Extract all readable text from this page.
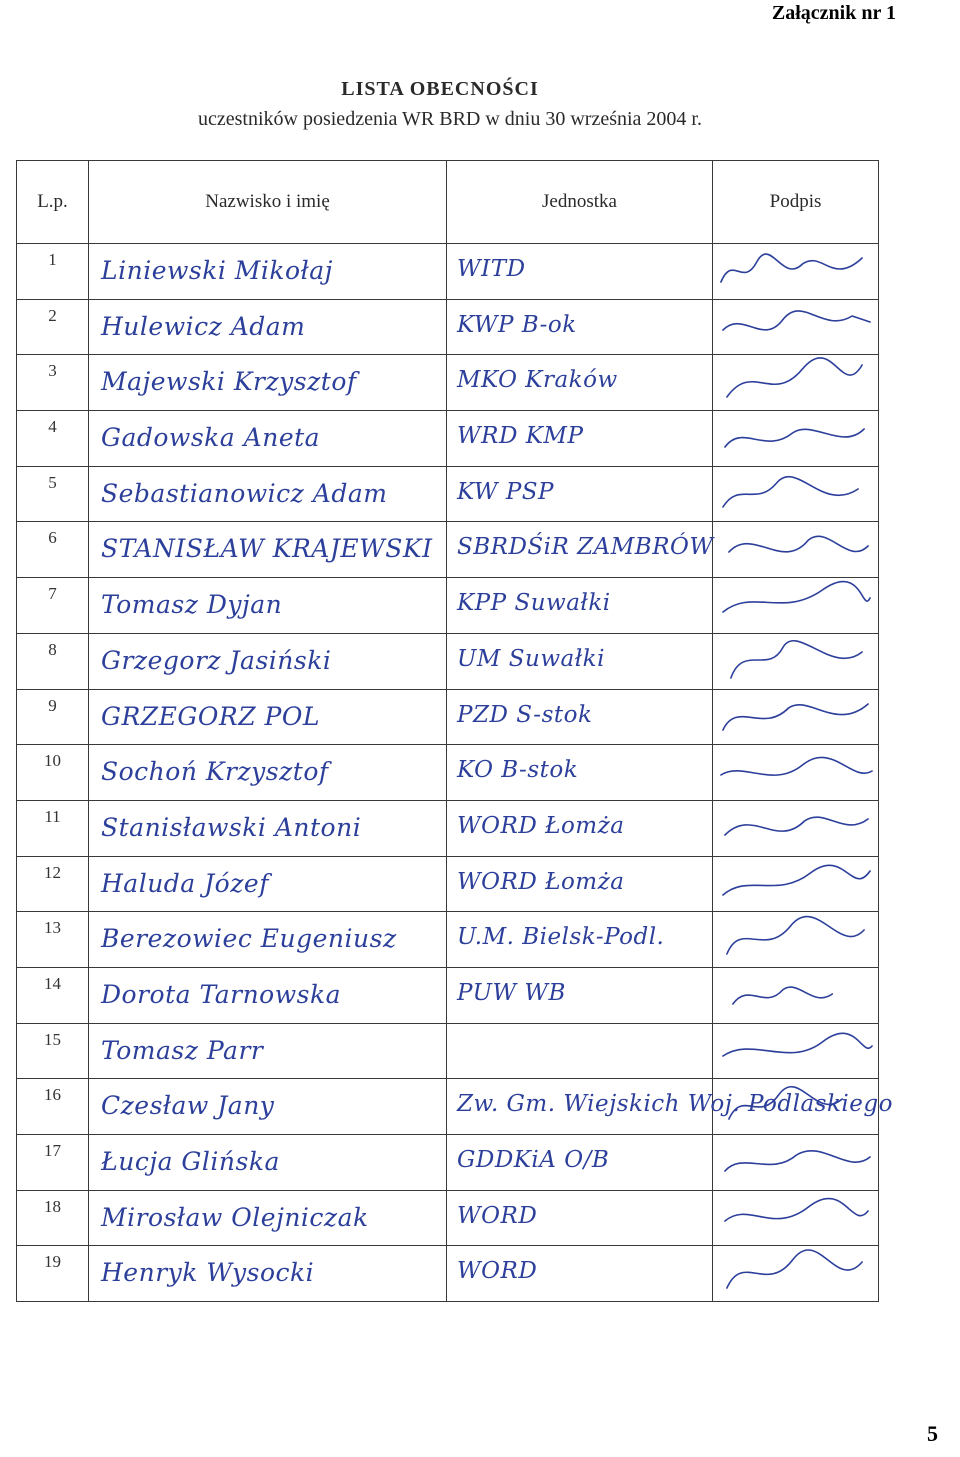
Załącznik nr 1
LISTA OBECNOŚCI
uczestników posiedzenia WR BRD w dniu 30 września 2004 r.
L.p.	Nazwisko i imię	Jednostka	Podpis

1	Liniewski Mikołaj	WITD

2	Hulewicz Adam	KWP B-ok

3	Majewski Krzysztof	MKO Kraków

4	Gadowska Aneta	WRD KMP

5	Sebastianowicz Adam	KW PSP

6	STANISŁAW KRAJEWSKI	SBRDŚiR ZAMBRÓW

7	Tomasz Dyjan	KPP Suwałki

8	Grzegorz Jasiński	UM Suwałki

9	GRZEGORZ POL	PZD S-stok

10	Sochoń Krzysztof	KO B-stok

11	Stanisławski Antoni	WORD Łomża

12	Haluda Józef	WORD Łomża

13	Berezowiec Eugeniusz	U.M. Bielsk-Podl.

14	Dorota Tarnowska	PUW WB

15	Tomasz Parr

16	Czesław Jany	Zw. Gm. Wiejskich Woj. Podlaskiego

17	Łucja Glińska	GDDKiA O/B

18	Mirosław Olejniczak	WORD

19	Henryk Wysocki	WORD

5
